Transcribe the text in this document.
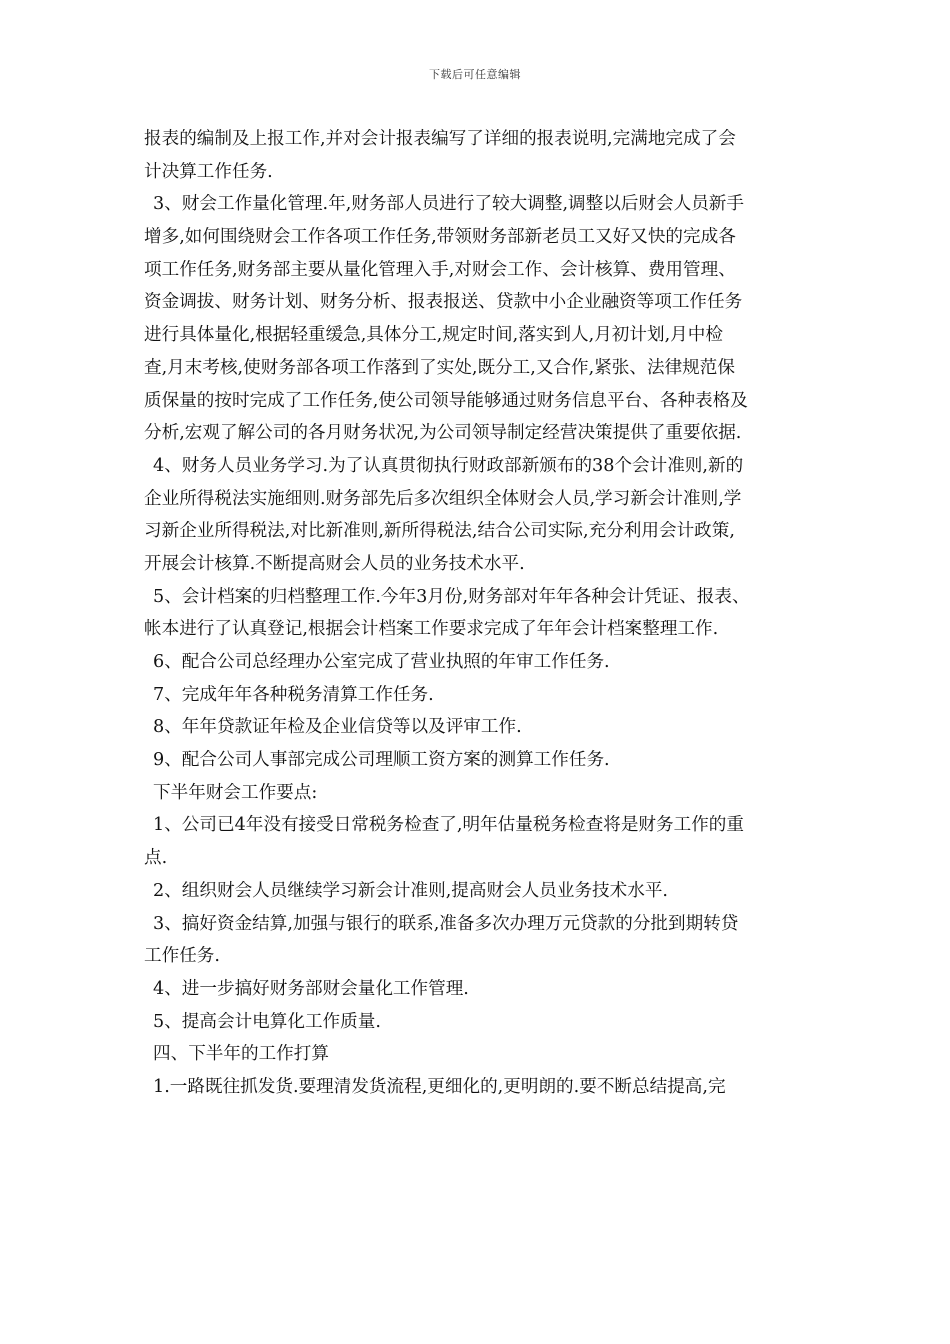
下载后可任意编辑
报表的编制及上报工作,并对会计报表编写了详细的报表说明,完满地完成了会
计决算工作任务.
3、财会工作量化管理.年,财务部人员进行了较大调整,调整以后财会人员新手
增多,如何围绕财会工作各项工作任务,带领财务部新老员工又好又快的完成各
项工作任务,财务部主要从量化管理入手,对财会工作、会计核算、费用管理、
资金调拔、财务计划、财务分析、报表报送、贷款中小企业融资等项工作任务
进行具体量化,根据轻重缓急,具体分工,规定时间,落实到人,月初计划,月中检
查,月末考核,使财务部各项工作落到了实处,既分工,又合作,紧张、法律规范保
质保量的按时完成了工作任务,使公司领导能够通过财务信息平台、各种表格及
分析,宏观了解公司的各月财务状况,为公司领导制定经营决策提供了重要依据.
4、财务人员业务学习.为了认真贯彻执行财政部新颁布的38个会计准则,新的
企业所得税法实施细则.财务部先后多次组织全体财会人员,学习新会计准则,学
习新企业所得税法,对比新准则,新所得税法,结合公司实际,充分利用会计政策,
开展会计核算.不断提高财会人员的业务技术水平.
5、会计档案的归档整理工作.今年3月份,财务部对年年各种会计凭证、报表、
帐本进行了认真登记,根据会计档案工作要求完成了年年会计档案整理工作.
6、配合公司总经理办公室完成了营业执照的年审工作任务.
7、完成年年各种税务清算工作任务.
8、年年贷款证年检及企业信贷等以及评审工作.
9、配合公司人事部完成公司理顺工资方案的测算工作任务.
下半年财会工作要点:
1、公司已4年没有接受日常税务检查了,明年估量税务检查将是财务工作的重
点.
2、组织财会人员继续学习新会计准则,提高财会人员业务技术水平.
3、搞好资金结算,加强与银行的联系,准备多次办理万元贷款的分批到期转贷
工作任务.
4、进一步搞好财务部财会量化工作管理.
5、提高会计电算化工作质量.
四、下半年的工作打算
1.一路既往抓发货.要理清发货流程,更细化的,更明朗的.要不断总结提高,完
